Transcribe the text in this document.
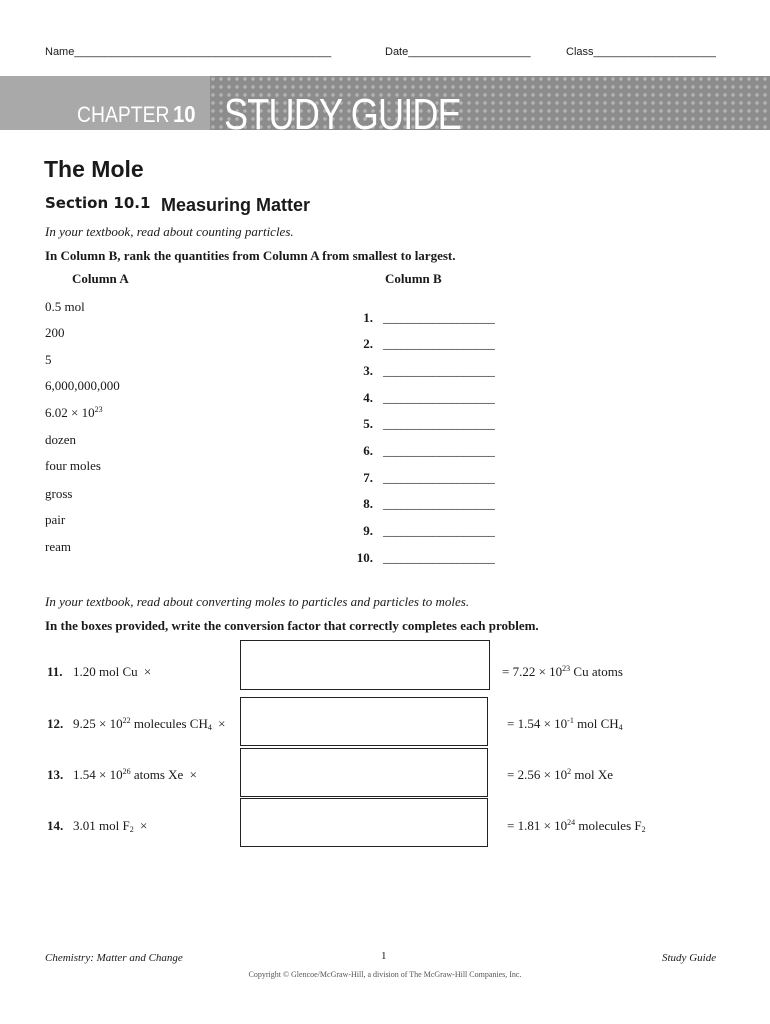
Name__________________________________________	Date____________________	Class____________________
CHAPTER 10 STUDY GUIDE
The Mole
Section 10.1 Measuring Matter
In your textbook, read about counting particles.
In Column B, rank the quantities from Column A from smallest to largest.
Column A	Column B
0.5 mol
200
5
6,000,000,000
$6.02 \times 10^{23}$
dozen
four moles
gross
pair
ream
1. __________________
2. __________________
3. __________________
4. __________________
5. __________________
6. __________________
7. __________________
8. __________________
9. __________________
10. __________________
In your textbook, read about converting moles to particles and particles to moles.
In the boxes provided, write the conversion factor that correctly completes each problem.
11. 1.20 mol Cu ×	= $7.22 \times 10^{23}$ Cu atoms
12. $9.25 \times 10^{22}$ molecules $CH_4$ ×	= $1.54 \times 10^{-1}$ mol $CH_4$
13. $1.54 \times 10^{26}$ atoms Xe ×	= $2.56 \times 10^2$ mol Xe
14. 3.01 mol $F_2$ ×	= $1.81 \times 10^{24}$ molecules $F_2$
Chemistry: Matter and Change	1	Study Guide
Copyright © Glencoe/McGraw-Hill, a division of The McGraw-Hill Companies, Inc.
